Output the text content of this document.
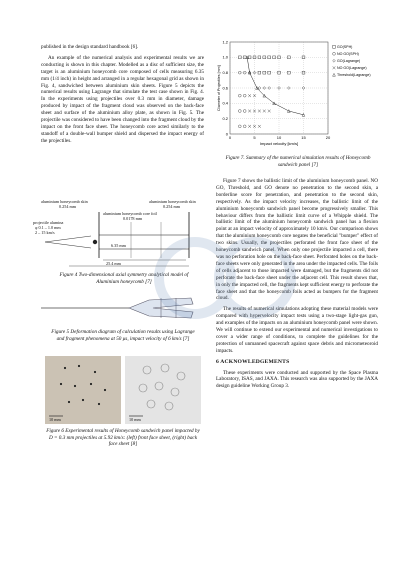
published in the design standard handbook [6].

An example of the numerical analysis and experimental results we are conducting is shown in this chapter. Modelled as a disc of sufficient size, the target is an aluminium honeycomb core composed of cells measuring 6.35 mm (1/4 inch) in height and arranged in a regular hexagonal grid as shown in Fig. 4, sandwiched between aluminium skin sheets. Figure 5 depicts the numerical results using Lagrange that simulate the test case shown in Fig. 4. In the experiments using projectiles over 0.3 mm in diameter, damage produced by impact of the fragment cloud was observed on the back-face sheet and surface of the aluminium alloy plate, as shown in Fig. 5. The projectile was considered to have been changed into the fragment cloud by the impact on the front face sheet. The honeycomb core acted similarly to the standoff of a double-wall bumper shield and dispersed the impact energy of the projectiles.

aluminium honeycomb skin
0.254 mm
aluminium honeycomb skin
0.254 mm
aluminium honeycomb core foil
0.0178 mm
projectile alumina
φ 0.1 – 1.0 mm
2 – 15 km/s
6.35 mm
25.4 mm

Figure 4 Two-dimensional axial symmetry analytical model of Aluminium honeycomb [7]

Figure 5 Deformation diagram of calculation results using Lagrange and fragment phenomena at 50 μs, impact velocity of 6 km/s [7]

10 mm	10 mm

Figure 6 Experimental results of Honeycomb sandwich panel impacted by D = 0.3 mm projectiles at 5.92 km/s: (left) front face sheet, (right) back face sheet [8]

0	5	10	15	20
0
0.2
0.4
0.6
0.8
1.0
1.2
Impact velocity [km/s]
Diameter of Projectiles [mm]
GO(SPH)
NO GO(SPH)
GO(Lagrange)
NO GO(Lagrange)
Threshold(Lagrange)

Figure 7. Summary of the numerical simulation results of Honeycomb sandwich panel [7]

Figure 7 shows the ballistic limit of the aluminium honeycomb panel. NO GO, Threshold, and GO denote no penetration to the second skin, a borderline score for penetration, and penetration to the second skin, respectively. As the impact velocity increases, the ballistic limit of the aluminium honeycomb sandwich panel become progressively smaller. This behaviour differs from the ballistic limit curve of a Whipple shield. The ballistic limit of the aluminium honeycomb sandwich panel has a flexion point at an impact velocity of approximately 10 km/s. Our comparison shows that the aluminium honeycomb core negates the beneficial "bumper" effect of two skins. Usually, the projectiles perforated the front face sheet of the honeycomb sandwich panel. When only one projectile impacted a cell, there was no perforation hole on the back-face sheet. Perforated holes on the back-face sheets were only generated in the area under the impacted cells. The foils of cells adjacent to those impacted were damaged, but the fragments did not perforate the back-face sheet under the adjacent cell. This result shows that, in only the impacted cell, the fragments kept sufficient energy to perforate the face sheet and that the honeycomb foils acted as bumpers for the fragment cloud.

The results of numerical simulations adopting these material models were compared with hypervelocity impact tests using a two-stage light-gas gun, and examples of the impacts on an aluminium honeycomb panel were shown. We will continue to extend our experimental and numerical investigations to cover a wider range of conditions, to complete the guidelines for the protection of unmanned spacecraft against space debris and micrometeoroid impacts.

6 ACKNOWLEDGEMENTS

These experiments were conducted and supported by the Space Plasma Laboratory, ISAS, and JAXA. This research was also supported by the JAXA design guideline Working Group 3.
